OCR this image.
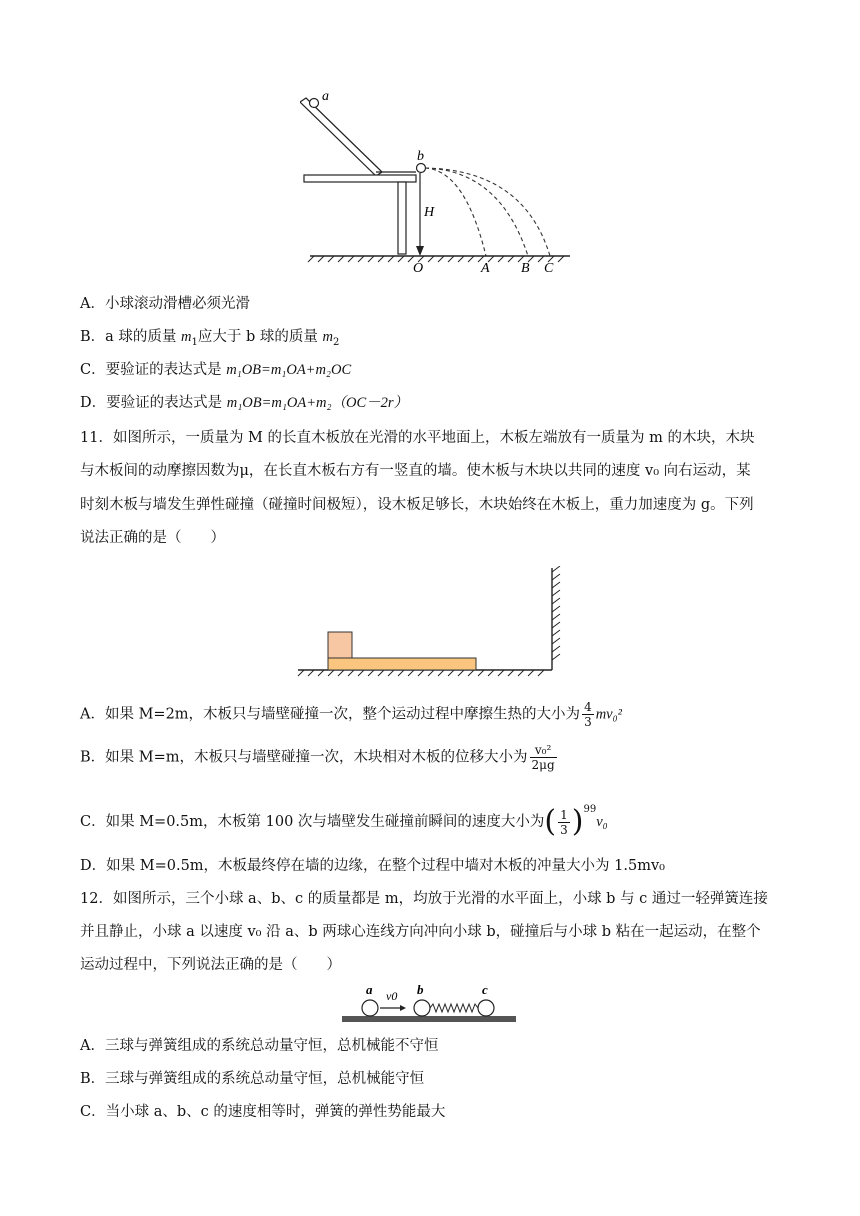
a
b
H
O	A B C
A．小球滚动滑槽必须光滑
B．a 球的质量 $m_1$应大于 b 球的质量 $m_2$
C．要验证的表达式是 m₁OB=m₁OA+m₂OC
D．要验证的表达式是 m₁OB=m₁OA+m₂（OC－2r）
11．如图所示，一质量为 M 的长直木板放在光滑的水平地面上，木板左端放有一质量为 m 的木块，木块
与木板间的动摩擦因数为μ，在长直木板右方有一竖直的墙。使木板与木块以共同的速度 v₀ 向右运动，某
时刻木板与墙发生弹性碰撞（碰撞时间极短），设木板足够长，木块始终在木板上，重力加速度为 g。下列
说法正确的是（　　）
A．如果 M=2m，木板只与墙壁碰撞一次，整个运动过程中摩擦生热的大小为 $\frac{4}{3} mv_0^2$
B．如果 M=m，木板只与墙壁碰撞一次，木块相对木板的位移大小为 $\frac{\text{v₀²}}{2\mu g}$
C．如果 M=0.5m，木板第 100 次与墙壁发生碰撞前瞬间的速度大小为( $\frac{1}{3} )^{99}v_0$
D．如果 M=0.5m，木板最终停在墙的边缘，在整个过程中墙对木板的冲量大小为 1.5mv₀
12．如图所示，三个小球 a、b、c 的质量都是 m，均放于光滑的水平面上，小球 b 与 c 通过一轻弹簧连接
并且静止，小球 a 以速度 v₀ 沿 a、b 两球心连线方向冲向小球 b，碰撞后与小球 b 粘在一起运动，在整个
运动过程中，下列说法正确的是（　　）
a v0 b	c
A．三球与弹簧组成的系统总动量守恒，总机械能不守恒
B．三球与弹簧组成的系统总动量守恒，总机械能守恒
C．当小球 a、b、c 的速度相等时，弹簧的弹性势能最大
